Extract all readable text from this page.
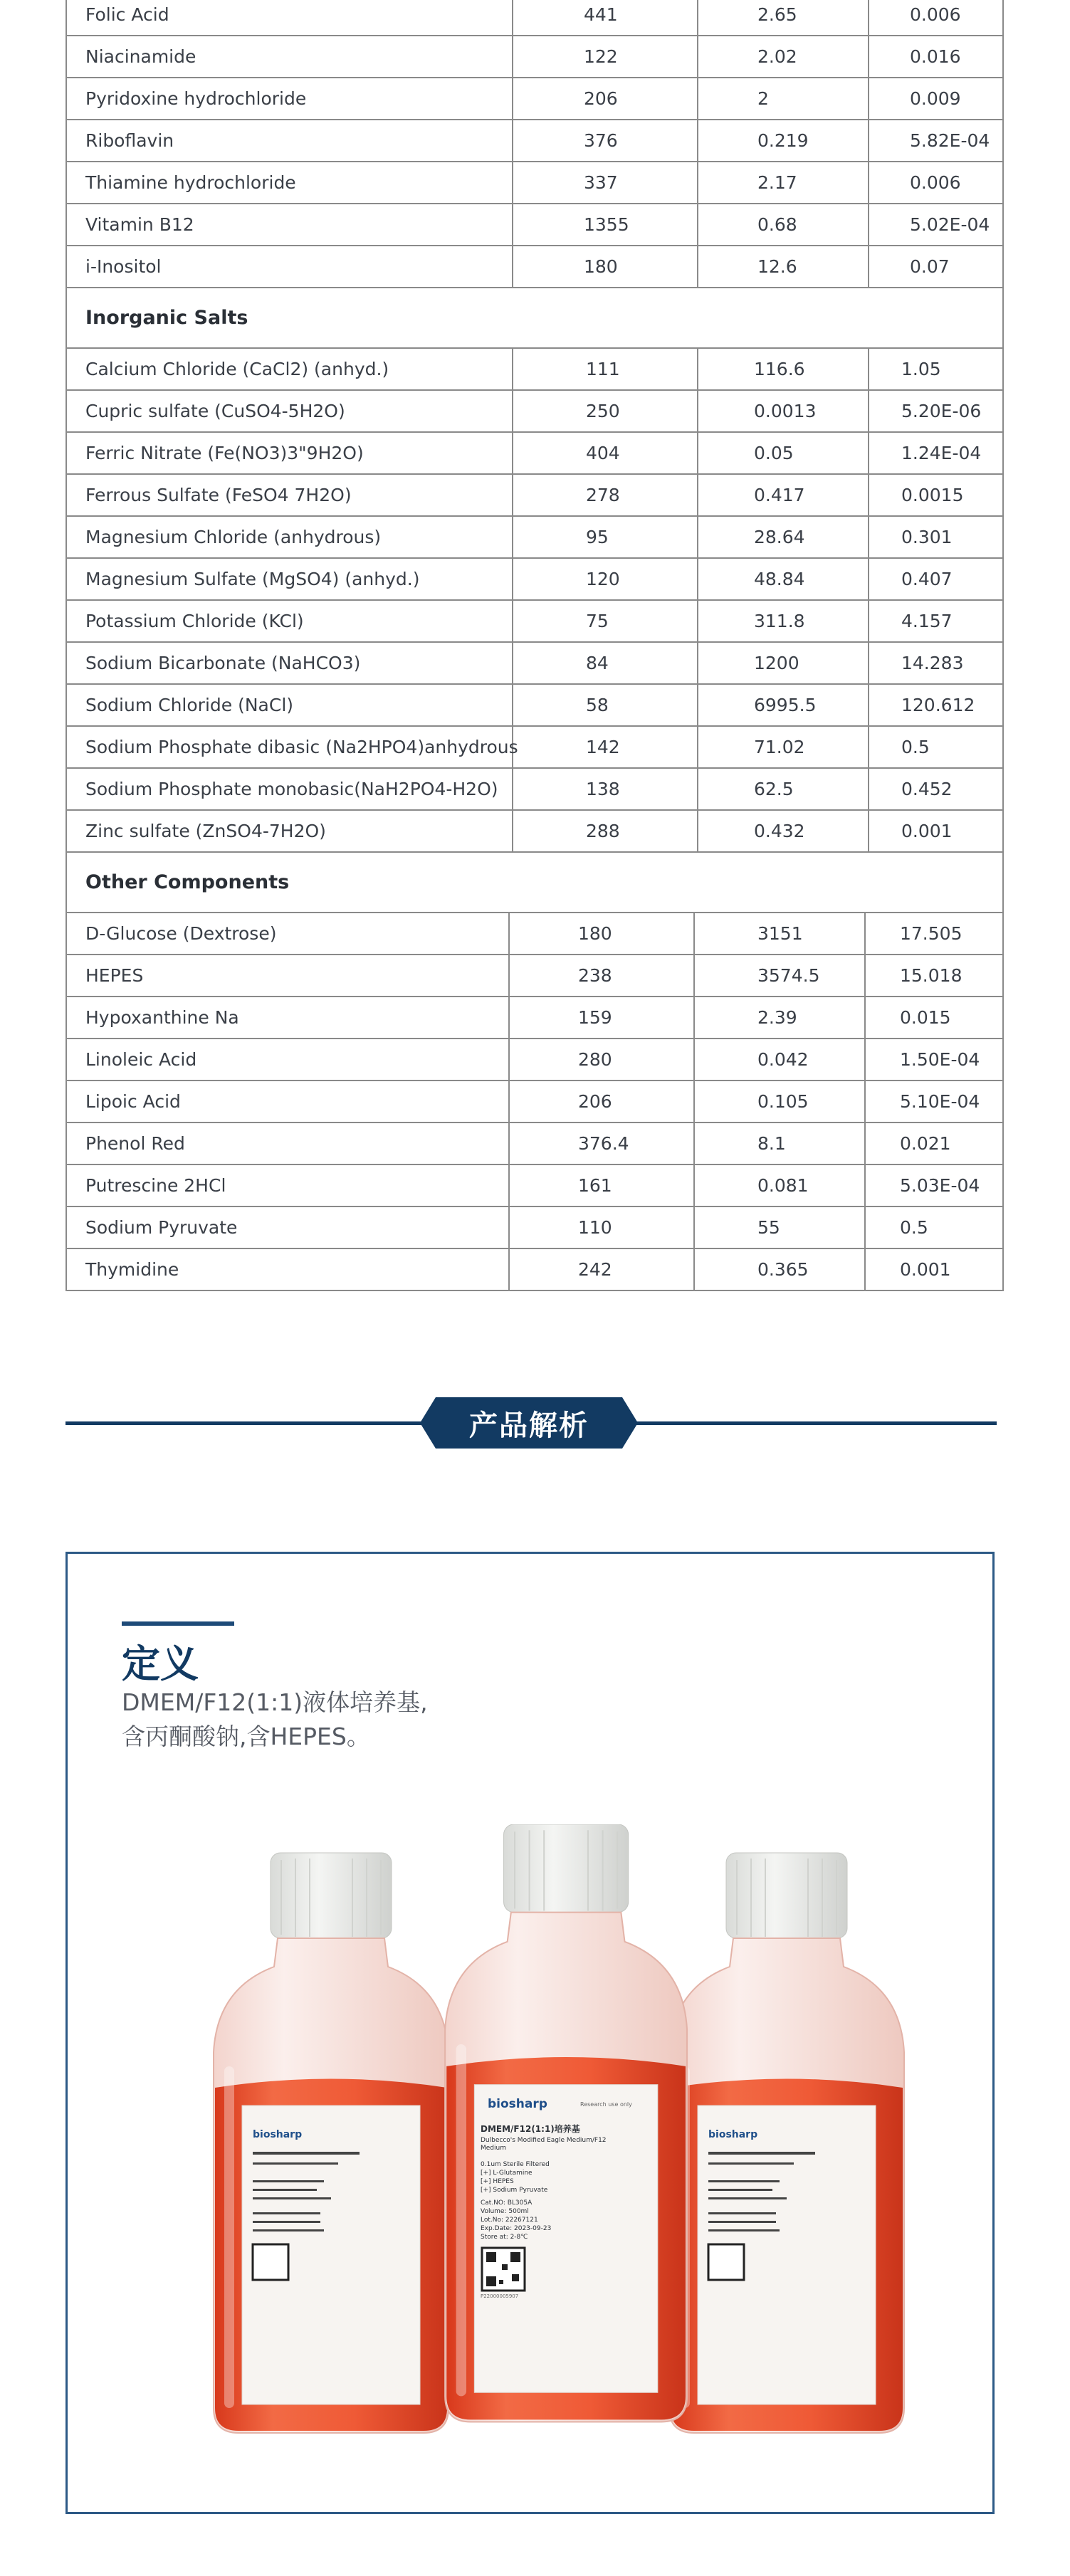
Folic Acid	441	2.65	0.006
Niacinamide	122	2.02	0.016
Pyridoxine hydrochloride	206	2	0.009
Riboflavin	376	0.219	5.82E-04
Thiamine hydrochloride	337	2.17	0.006
Vitamin B12	1355	0.68	5.02E-04
i-Inositol	180	12.6	0.07
Inorganic Salts
Calcium Chloride (CaCl2) (anhyd.)	111	116.6	1.05
Cupric sulfate (CuSO4-5H2O)	250	0.0013	5.20E-06
Ferric Nitrate (Fe(NO3)3"9H2O)	404	0.05	1.24E-04
Ferrous Sulfate (FeSO4 7H2O)	278	0.417	0.0015
Magnesium Chloride (anhydrous)	95	28.64	0.301
Magnesium Sulfate (MgSO4) (anhyd.)	120	48.84	0.407
Potassium Chloride (KCl)	75	311.8	4.157
Sodium Bicarbonate (NaHCO3)	84	1200	14.283
Sodium Chloride (NaCl)	58	6995.5	120.612
Sodium Phosphate dibasic (Na2HPO4)anhydrous	142	71.02	0.5
Sodium Phosphate monobasic(NaH2PO4-H2O)	138	62.5	0.452
Zinc sulfate (ZnSO4-7H2O)	288	0.432	0.001
Other Components
D-Glucose (Dextrose)	180	3151	17.505
HEPES	238	3574.5	15.018
Hypoxanthine Na	159	2.39	0.015
Linoleic Acid	280	0.042	1.50E-04
Lipoic Acid	206	0.105	5.10E-04
Phenol Red	376.4	8.1	0.021
Putrescine 2HCl	161	0.081	5.03E-04
Sodium Pyruvate	110	55	0.5
Thymidine	242	0.365	0.001
产品解析
定义
DMEM/F12(1:1)液体培养基,
含丙酮酸钠,含HEPES。
biosharp	Research use only
DMEM/F12(1:1)培养基
Dulbecco's Modified Eagle Medium/F12
Medium
0.1um Sterile Filtered
[+] L-Glutamine
[+] HEPES
[+] Sodium Pyruvate
Cat.NO: BL305A
Volume: 500ml
Lot.No: 22267121
Exp.Date: 2023-09-23
Store at: 2-8℃
P22000005907
biosharp	biosharp
